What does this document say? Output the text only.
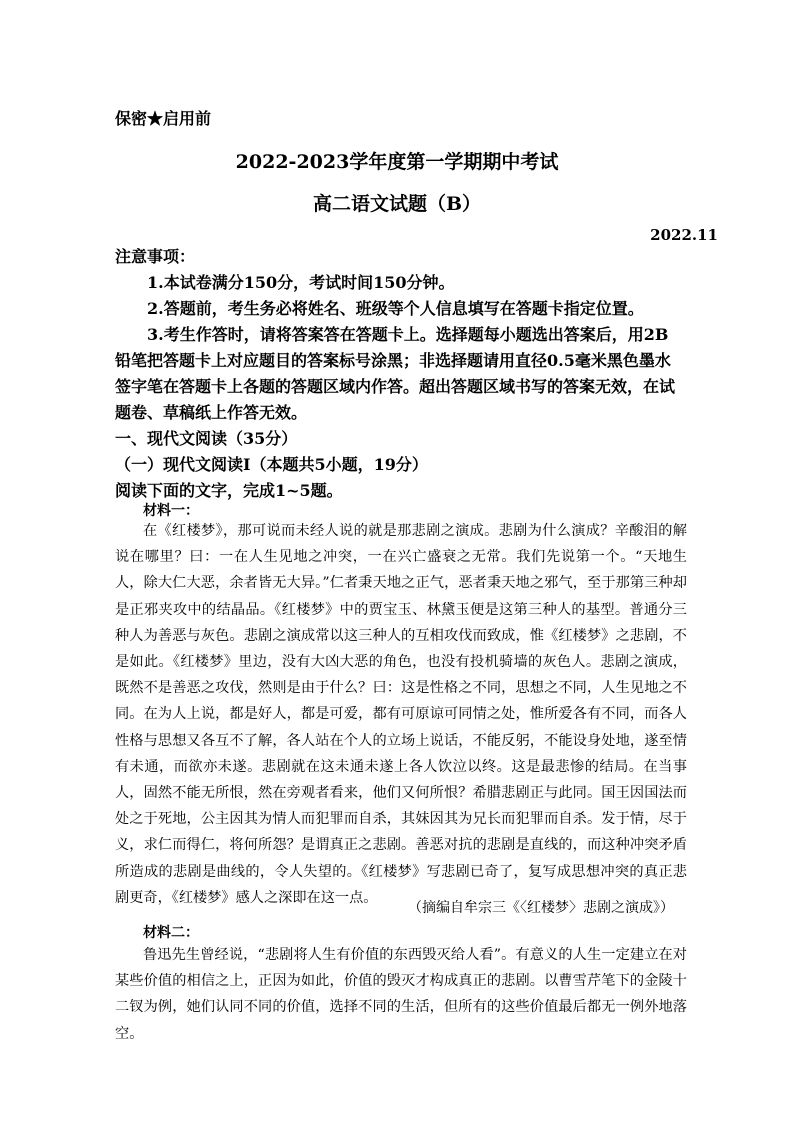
保密★启用前
2022-2023学年度第一学期期中考试
高二语文试题（B）
2022.11

注意事项：

1.本试卷满分150分，考试时间150分钟。

2.答题前，考生务必将姓名、班级等个人信息填写在答题卡指定位置。

3.考生作答时，请将答案答在答题卡上。选择题每小题选出答案后，用2B铅笔把答题卡上对应题目的答案标号涂黑；非选择题请用直径0.5毫米黑色墨水签字笔在答题卡上各题的答题区域内作答。超出答题区域书写的答案无效，在试题卷、草稿纸上作答无效。

一、现代文阅读（35分）

（一）现代文阅读Ⅰ（本题共5小题，19分）

阅读下面的文字，完成1~5题。

材料一：

在《红楼梦》，那可说而未经人说的就是那悲剧之演成。悲剧为什么演成？辛酸泪的解说在哪里？曰：一在人生见地之冲突，一在兴亡盛衰之无常。我们先说第一个。“天地生人，除大仁大恶，余者皆无大异。”仁者秉天地之正气，恶者秉天地之邪气，至于那第三种却是正邪夹攻中的结晶品。《红楼梦》中的贾宝玉、林黛玉便是这第三种人的基型。普通分三种人为善恶与灰色。悲剧之演成常以这三种人的互相攻伐而致成，惟《红楼梦》之悲剧，不是如此。《红楼梦》里边，没有大凶大恶的角色，也没有投机骑墙的灰色人。悲剧之演成，既然不是善恶之攻伐，然则是由于什么？曰：这是性格之不同，思想之不同，人生见地之不同。在为人上说，都是好人，都是可爱，都有可原谅可同情之处，惟所爱各有不同，而各人性格与思想又各互不了解，各人站在个人的立场上说话，不能反躬，不能设身处地，遂至情有未通，而欲亦未遂。悲剧就在这未通未遂上各人饮泣以终。这是最悲惨的结局。在当事人，固然不能无所恨，然在旁观者看来，他们又何所恨？希腊悲剧正与此同。国王因国法而处之于死地，公主因其为情人而犯罪而自杀，其妹因其为兄长而犯罪而自杀。发于情，尽于义，求仁而得仁，将何所怨？是谓真正之悲剧。善恶对抗的悲剧是直线的，而这种冲突矛盾所造成的悲剧是曲线的，令人失望的。《红楼梦》写悲剧已奇了，复写成思想冲突的真正悲剧更奇，《红楼梦》感人之深即在这一点。

（摘编自牟宗三《〈红楼梦〉悲剧之演成》）
材料二：

鲁迅先生曾经说，“悲剧将人生有价值的东西毁灭给人看”。有意义的人生一定建立在对某些价值的相信之上，正因为如此，价值的毁灭才构成真正的悲剧。以曹雪芹笔下的金陵十二钗为例，她们认同不同的价值，选择不同的生活，但所有的这些价值最后都无一例外地落空。
